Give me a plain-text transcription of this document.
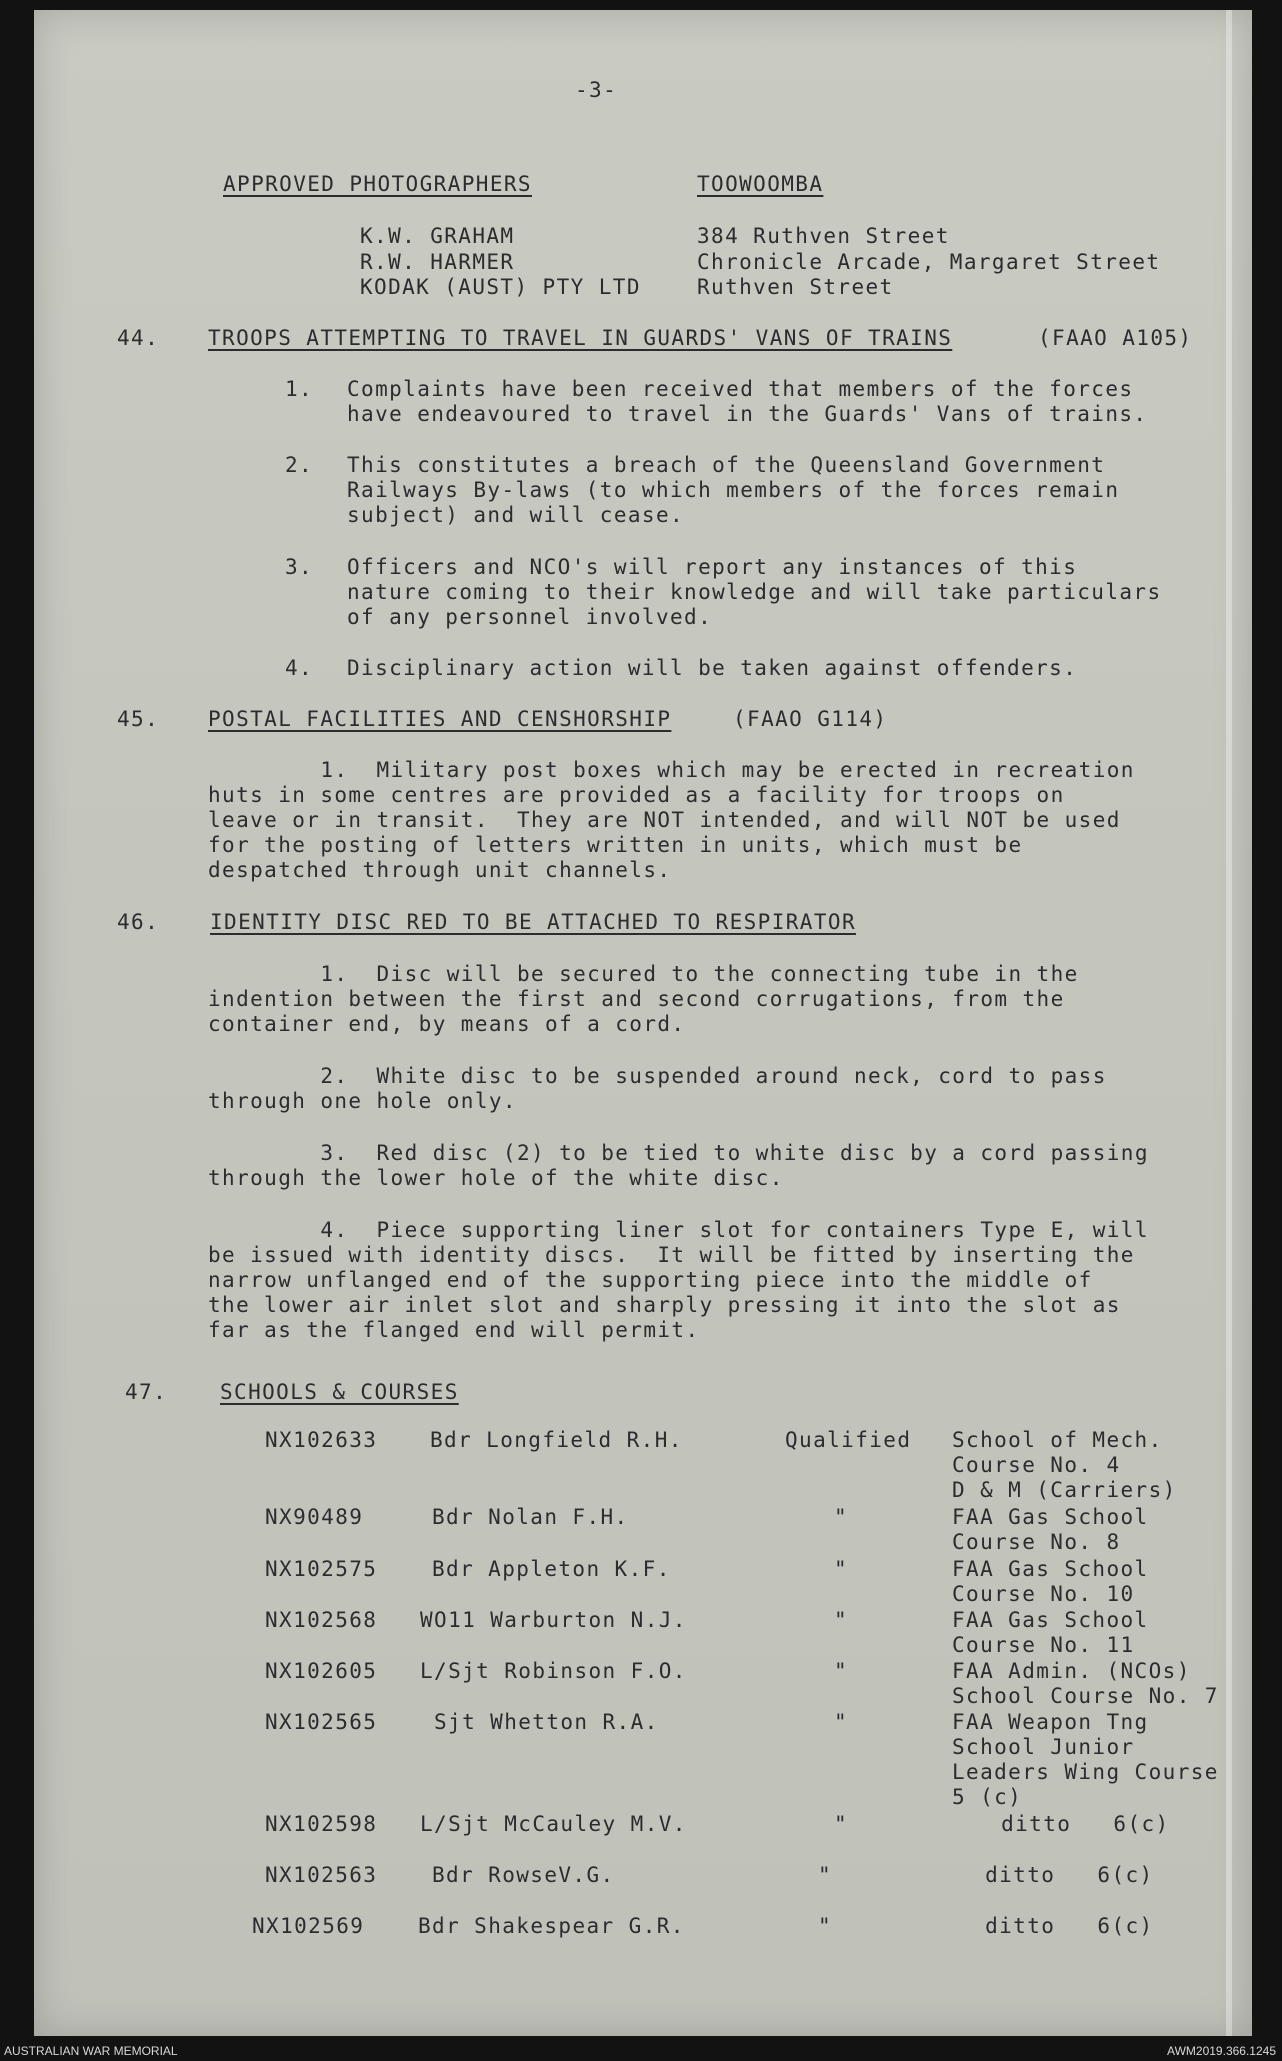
-3-
APPROVED PHOTOGRAPHERS	TOOWOOMBA
K.W. GRAHAM	384 Ruthven Street
R.W. HARMER	Chronicle Arcade, Margaret Street
KODAK (AUST) PTY LTD	Ruthven Street
44. TROOPS ATTEMPTING TO TRAVEL IN GUARDS' VANS OF TRAINS	(FAAO A105)
1. Complaints have been received that members of the forces
have endeavoured to travel in the Guards' Vans of trains.
2. This constitutes a breach of the Queensland Government
Railways By-laws (to which members of the forces remain
subject) and will cease.
3. Officers and NCO's will report any instances of this
nature coming to their knowledge and will take particulars
of any personnel involved.
4. Disciplinary action will be taken against offenders.
45. POSTAL FACILITIES AND CENSHORSHIP	(FAAO G114)
1.  Military post boxes which may be erected in recreation
huts in some centres are provided as a facility for troops on
leave or in transit.  They are NOT intended, and will NOT be used
for the posting of letters written in units, which must be
despatched through unit channels.
46. IDENTITY DISC RED TO BE ATTACHED TO RESPIRATOR
1.  Disc will be secured to the connecting tube in the
indention between the first and second corrugations, from the
container end, by means of a cord.
2.  White disc to be suspended around neck, cord to pass
through one hole only.
3.  Red disc (2) to be tied to white disc by a cord passing
through the lower hole of the white disc.
4.  Piece supporting liner slot for containers Type E, will
be issued with identity discs.  It will be fitted by inserting the
narrow unflanged end of the supporting piece into the middle of
the lower air inlet slot and sharply pressing it into the slot as
far as the flanged end will permit.
47.	SCHOOLS & COURSES
NX102633	Bdr Longfield R.H.	Qualified School of Mech.
Course No. 4
D & M (Carriers)
NX90489	Bdr Nolan F.H.	"	FAA Gas School
Course No. 8
NX102575	Bdr Appleton K.F.	"	FAA Gas School
Course No. 10
NX102568 WO11 Warburton N.J.	"	FAA Gas School
Course No. 11
NX102605 L/Sjt Robinson F.O.	"	FAA Admin. (NCOs)
School Course No. 7
NX102565	Sjt Whetton R.A.	"	FAA Weapon Tng
School Junior
Leaders Wing Course
5 (c)
NX102598 L/Sjt McCauley M.V.	"	ditto   6(c)
NX102563	Bdr RowseV.G.	"	ditto   6(c)
NX102569	Bdr Shakespear G.R.	"	ditto   6(c)
AUSTRALIAN WAR MEMORIAL	AWM2019.366.1245
